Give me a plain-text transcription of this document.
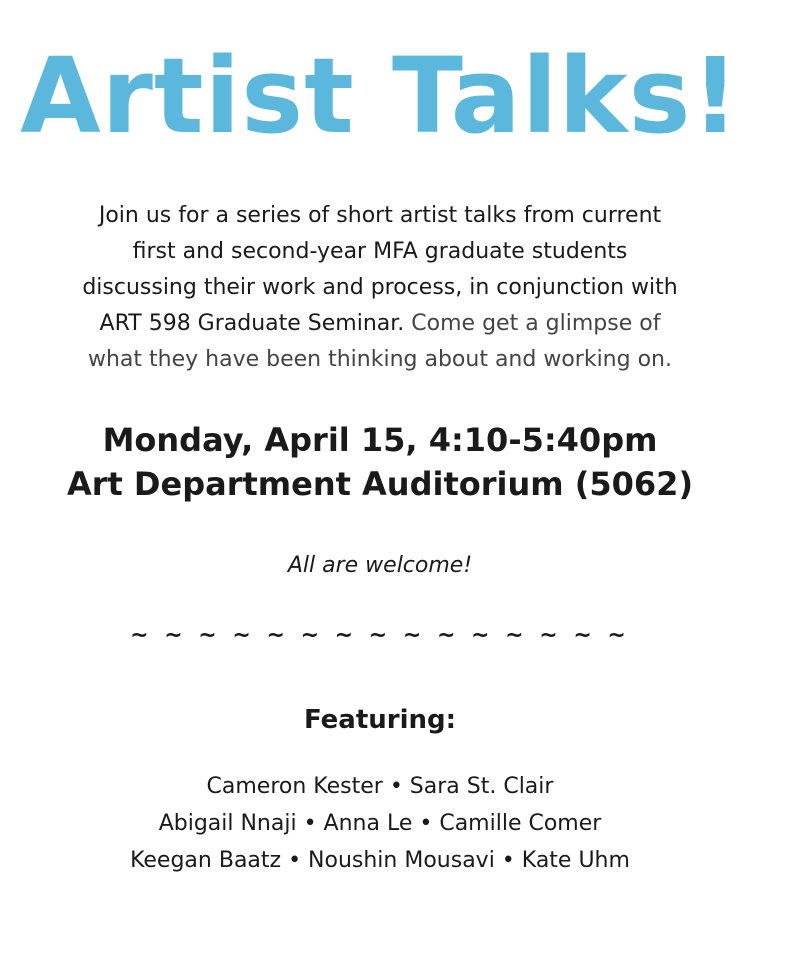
Artist Talks!

Join us for a series of short artist talks from current
first and second-year MFA graduate students
discussing their work and process, in conjunction with
ART 598 Graduate Seminar. Come get a glimpse of
what they have been thinking about and working on.

Monday, April 15, 4:10-5:40pm
Art Department Auditorium (5062)

All are welcome!

~ ~ ~ ~ ~ ~ ~ ~ ~ ~ ~ ~ ~ ~ ~

Featuring:

Cameron Kester • Sara St. Clair
Abigail Nnaji • Anna Le • Camille Comer
Keegan Baatz • Noushin Mousavi • Kate Uhm
